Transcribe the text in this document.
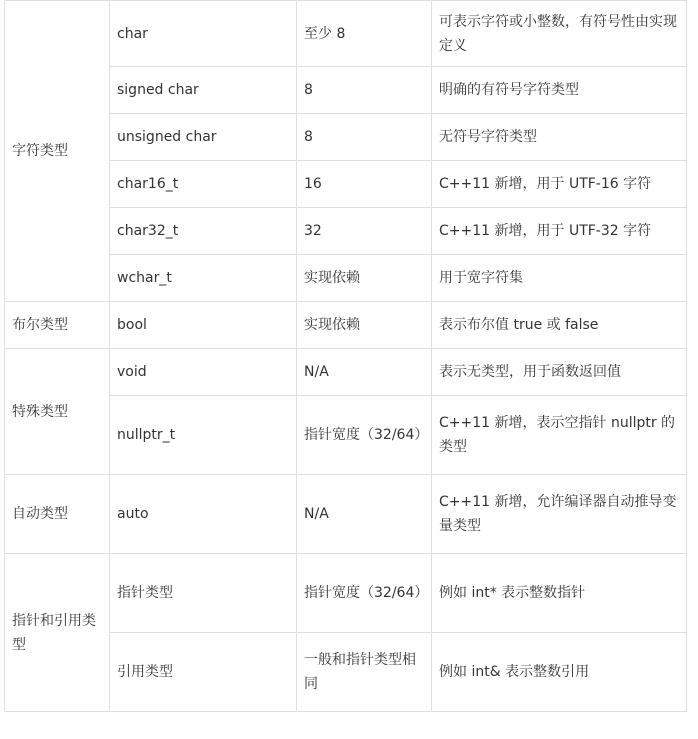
字符类型	char	至少 8	可表示字符或小整数，有符号性由实现定义
	signed char	8	明确的有符号字符类型
	unsigned char	8	无符号字符类型
	char16_t	16	C++11 新增，用于 UTF-16 字符
	char32_t	32	C++11 新增，用于 UTF-32 字符
	wchar_t	实现依赖	用于宽字符集
布尔类型	bool	实现依赖	表示布尔值 true 或 false
特殊类型	void	N/A	表示无类型，用于函数返回值
	nullptr_t	指针宽度（32/64）	C++11 新增，表示空指针 nullptr 的类型
自动类型	auto	N/A	C++11 新增，允许编译器自动推导变量类型
指针和引用类型	指针类型	指针宽度（32/64）	例如 int* 表示整数指针
	引用类型	一般和指针类型相同	例如 int& 表示整数引用
